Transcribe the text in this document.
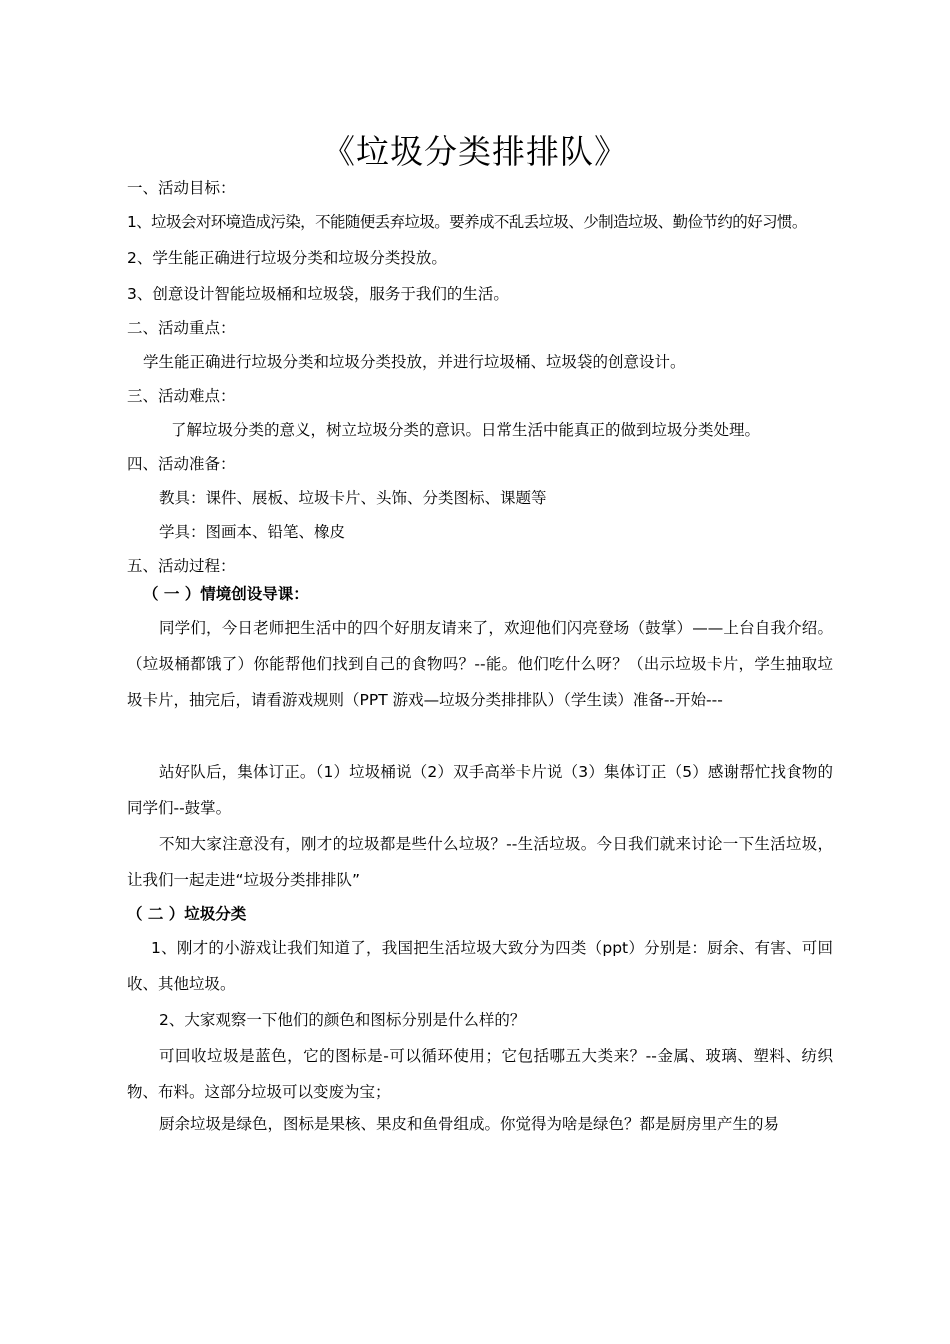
《垃圾分类排排队》
一、活动目标：
1、垃圾会对环境造成污染，不能随便丢弃垃圾。要养成不乱丢垃圾、少制造垃圾、勤俭节约的好习惯。
2、学生能正确进行垃圾分类和垃圾分类投放。
3、创意设计智能垃圾桶和垃圾袋，服务于我们的生活。
二、活动重点：
学生能正确进行垃圾分类和垃圾分类投放，并进行垃圾桶、垃圾袋的创意设计。
三、活动难点：
了解垃圾分类的意义，树立垃圾分类的意识。日常生活中能真正的做到垃圾分类处理。
四、活动准备：
教具：课件、展板、垃圾卡片、头饰、分类图标、课题等
学具：图画本、铅笔、橡皮
五、活动过程：
（ 一 ）情境创设导课：
同学们，今日老师把生活中的四个好朋友请来了，欢迎他们闪亮登场（鼓掌）——上台自我介绍。（垃圾桶都饿了）你能帮他们找到自己的食物吗？--能。他们吃什么呀？（出示垃圾卡片，学生抽取垃圾卡片，抽完后，请看游戏规则（PPT 游戏—垃圾分类排排队）（学生读）准备--开始---
站好队后，集体订正。（1）垃圾桶说（2）双手高举卡片说（3）集体订正（5）感谢帮忙找食物的同学们--鼓掌。
不知大家注意没有，刚才的垃圾都是些什么垃圾？--生活垃圾。今日我们就来讨论一下生活垃圾，让我们一起走进“垃圾分类排排队”
（ 二 ）垃圾分类
1、刚才的小游戏让我们知道了，我国把生活垃圾大致分为四类（ppt）分别是：厨余、有害、可回收、其他垃圾。
2、大家观察一下他们的颜色和图标分别是什么样的？
可回收垃圾是蓝色，它的图标是-可以循环使用；它包括哪五大类来？--金属、玻璃、塑料、纺织物、布料。这部分垃圾可以变废为宝；
厨余垃圾是绿色，图标是果核、果皮和鱼骨组成。你觉得为啥是绿色？都是厨房里产生的易
